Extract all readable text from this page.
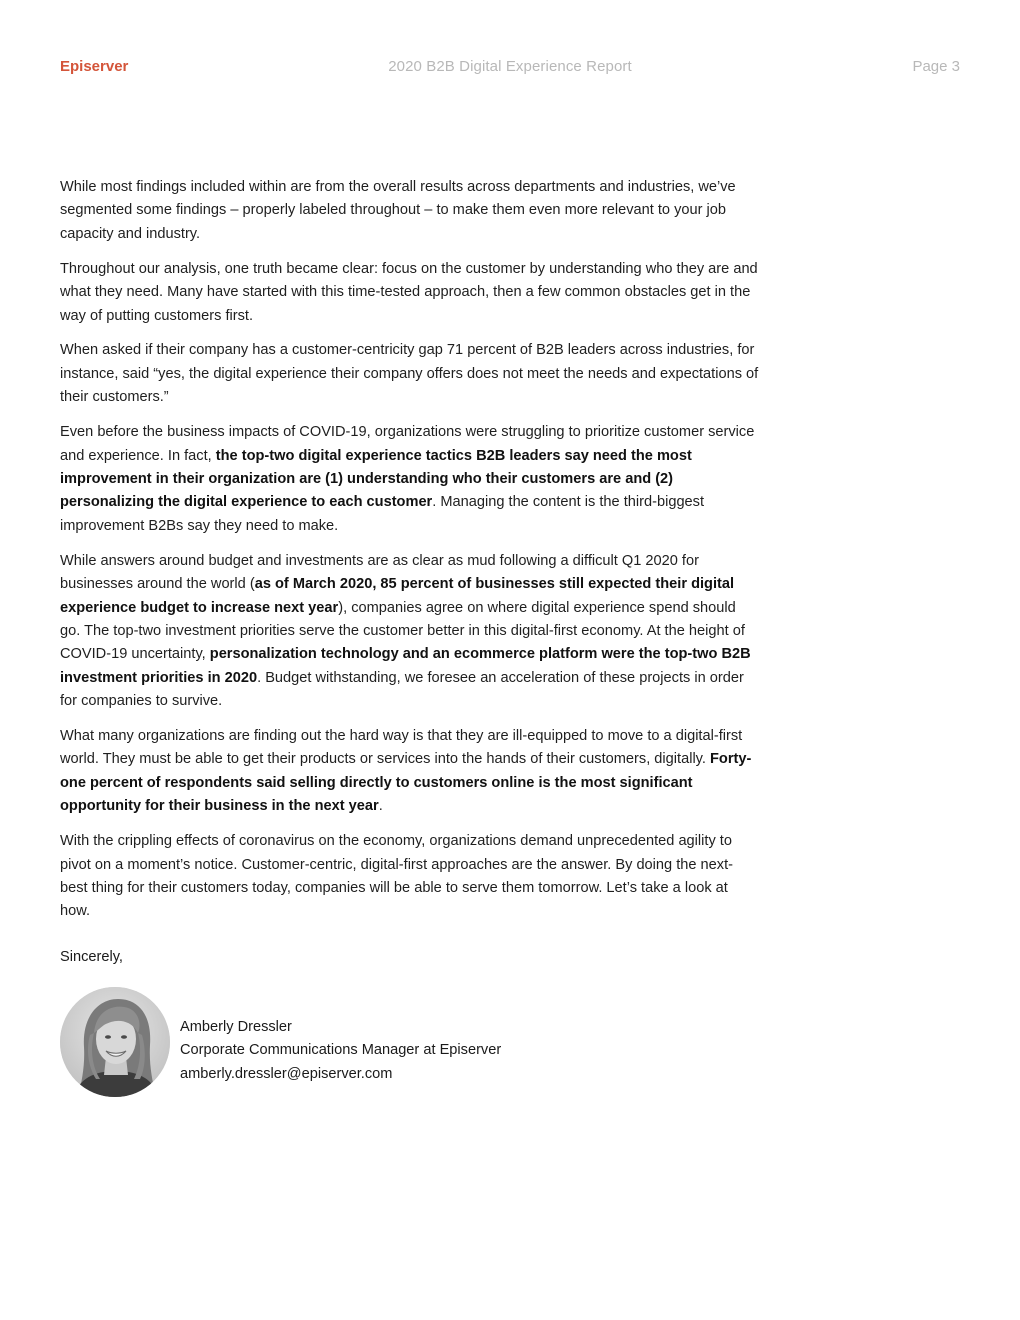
2020 B2B Digital Experience Report
Episerver	Page 3

While most findings included within are from the overall results across departments and industries, we’ve segmented some findings – properly labeled throughout – to make them even more relevant to your job capacity and industry.

Throughout our analysis, one truth became clear: focus on the customer by understanding who they are and what they need. Many have started with this time-tested approach, then a few common obstacles get in the way of putting customers first.

When asked if their company has a customer-centricity gap 71 percent of B2B leaders across industries, for instance, said “yes, the digital experience their company offers does not meet the needs and expectations of their customers.”

Even before the business impacts of COVID-19, organizations were struggling to prioritize customer service and experience. In fact, the top-two digital experience tactics B2B leaders say need the most improvement in their organization are (1) understanding who their customers are and (2) personalizing the digital experience to each customer. Managing the content is the third-biggest improvement B2Bs say they need to make.

While answers around budget and investments are as clear as mud following a difficult Q1 2020 for businesses around the world (as of March 2020, 85 percent of businesses still expected their digital experience budget to increase next year), companies agree on where digital experience spend should go. The top-two investment priorities serve the customer better in this digital-first economy. At the height of COVID-19 uncertainty, personalization technology and an ecommerce platform were the top-two B2B investment priorities in 2020. Budget withstanding, we foresee an acceleration of these projects in order for companies to survive.

What many organizations are finding out the hard way is that they are ill-equipped to move to a digital-first world. They must be able to get their products or services into the hands of their customers, digitally. Forty-one percent of respondents said selling directly to customers online is the most significant opportunity for their business in the next year.

With the crippling effects of coronavirus on the economy, organizations demand unprecedented agility to pivot on a moment’s notice. Customer-centric, digital-first approaches are the answer. By doing the next-best thing for their customers today, companies will be able to serve them tomorrow. Let’s take a look at how.

Sincerely,
Amberly Dressler
Corporate Communications Manager at Episerver
amberly.dressler@episerver.com
